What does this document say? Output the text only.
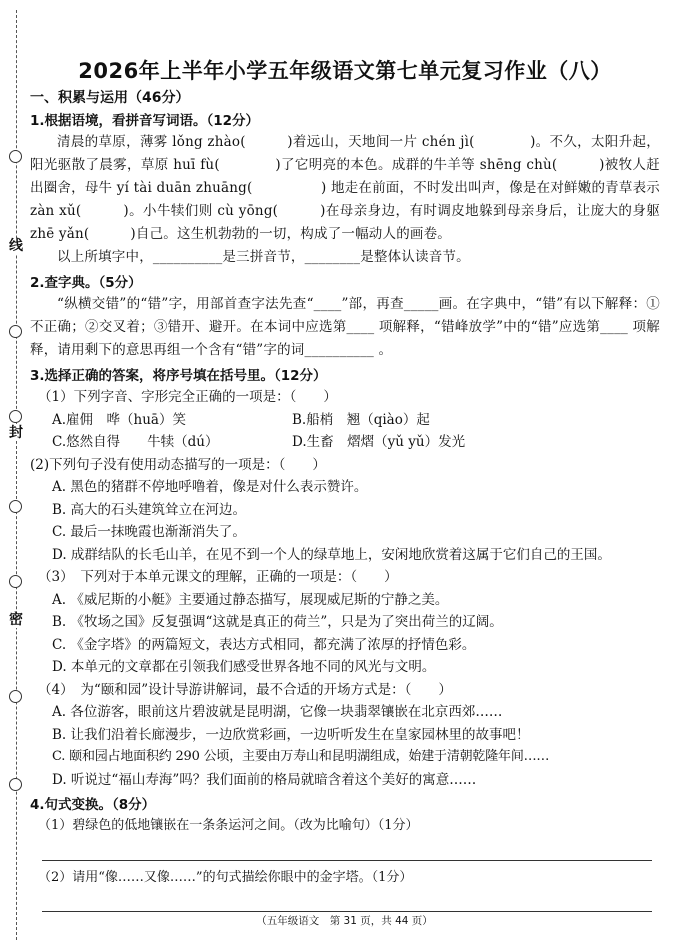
线
封
密
2026年上半年小学五年级语文第七单元复习作业（八）
一、积累与运用（46分）
1.根据语境，看拼音写词语。（12分）

清晨的草原，薄雾 lǒng zhào(　　　)着远山，天地间一片 chén jì(　　　　)。不久，太阳升起，阳光驱散了晨雾，草原 huī fù(　　　　)了它明亮的本色。成群的牛羊等 shēng chù(　　　)被牧人赶出圈舍，母牛 yí tài duān zhuāng(　　　　　) 地走在前面，不时发出叫声，像是在对鲜嫩的青草表示 zàn xǔ(　　　)。小牛犊们则 cù yōng(　　　)在母亲身边，有时调皮地躲到母亲身后，让庞大的身躯 zhē yǎn(　　　)自己。这生机勃勃的一切，构成了一幅动人的画卷。

以上所填字中，__________是三拼音节，________是整体认读音节。

2.查字典。（5分）

“纵横交错”的“错”字，用部首查字法先查“____”部，再查_____画。在字典中，“错”有以下解释：①不正确；②交叉着；③错开、避开。在本词中应选第____ 项解释，“错峰放学”中的“错”应选第____ 项解释，请用剩下的意思再组一个含有“错”字的词__________ 。

3.选择正确的答案，将序号填在括号里。（12分）
（1）下列字音、字形完全正确的一项是：（　　）
A.雇佣　哗（huā）笑	B.船梢　翘（qiào）起
C.悠然自得　　牛犊（dú）	D.生畜　熠熠（yǔ yǔ）发光
(2)下列句子没有使用动态描写的一项是：（　　）
A. 黑色的猪群不停地呼噜着，像是对什么表示赞许。
B. 高大的石头建筑耸立在河边。
C. 最后一抹晚霞也渐渐消失了。
D. 成群结队的长毛山羊，在见不到一个人的绿草地上，安闲地欣赏着这属于它们自己的王国。
（3）　下列对于本单元课文的理解，正确的一项是：（　　）
A. 《威尼斯的小艇》主要通过静态描写，展现威尼斯的宁静之美。
B. 《牧场之国》反复强调“这就是真正的荷兰”，只是为了突出荷兰的辽阔。
C. 《金字塔》的两篇短文，表达方式相同，都充满了浓厚的抒情色彩。
D. 本单元的文章都在引领我们感受世界各地不同的风光与文明。
（4）　为“颐和园”设计导游讲解词，最不合适的开场方式是：（　　）
A. 各位游客，眼前这片碧波就是昆明湖，它像一块翡翠镶嵌在北京西郊……
B. 让我们沿着长廊漫步，一边欣赏彩画，一边听听发生在皇家园林里的故事吧！
C. 颐和园占地面积约 290 公顷，主要由万寿山和昆明湖组成，始建于清朝乾隆年间……
D. 听说过“福山寿海”吗？我们面前的格局就暗含着这个美好的寓意……
4.句式变换。（8分）
（1）碧绿色的低地镶嵌在一条条运河之间。（改为比喻句）（1分）
（2）请用“像……又像……”的句式描绘你眼中的金字塔。（1分）
（五年级语文　第 31 页，共 44 页）
